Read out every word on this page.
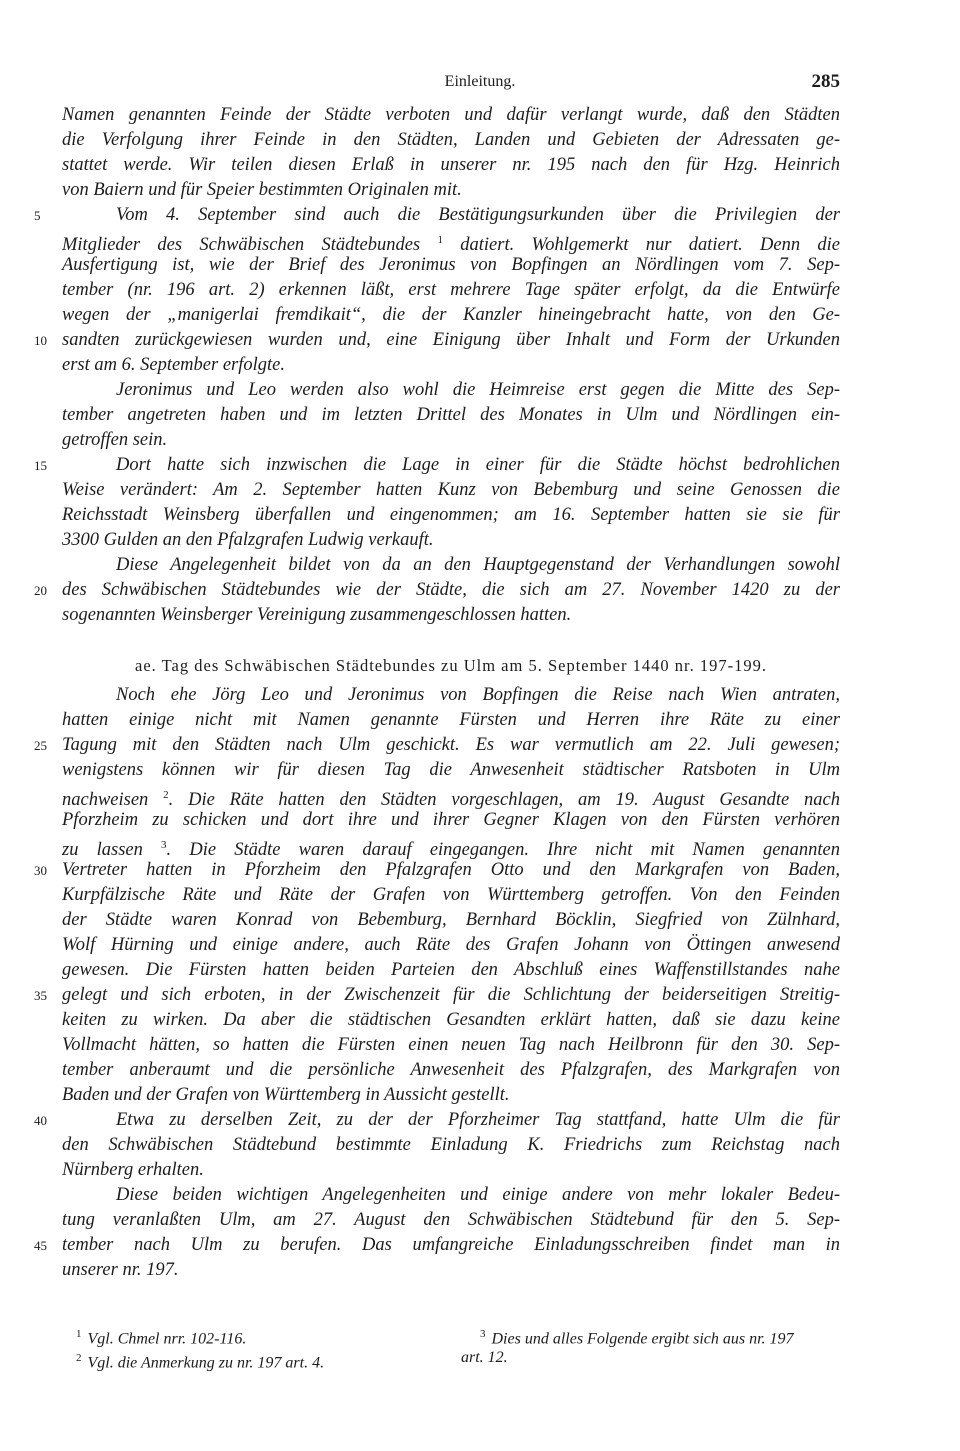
Einleitung.	285
Namen genannten Feinde der Städte verboten und dafür verlangt wurde, daß den Städten
die Verfolgung ihrer Feinde in den Städten, Landen und Gebieten der Adressaten ge-
stattet werde. Wir teilen diesen Erlaß in unserer nr. 195 nach den für Hzg. Heinrich
von Baiern und für Speier bestimmten Originalen mit.
5	Vom 4. September sind auch die Bestätigungsurkunden über die Privilegien der
Mitglieder des Schwäbischen Städtebundes $^1$ datiert. Wohlgemerkt nur datiert. Denn die
Ausfertigung ist, wie der Brief des Jeronimus von Bopfingen an Nördlingen vom 7. Sep-
tember (nr. 196 art. 2) erkennen läßt, erst mehrere Tage später erfolgt, da die Entwürfe
wegen der „manigerlai fremdikait“, die der Kanzler hineingebracht hatte, von den Ge-
10 sandten zurückgewiesen wurden und, eine Einigung über Inhalt und Form der Urkunden
erst am 6. September erfolgte.
Jeronimus und Leo werden also wohl die Heimreise erst gegen die Mitte des Sep-
tember angetreten haben und im letzten Drittel des Monates in Ulm und Nördlingen ein-
getroffen sein.
15	Dort hatte sich inzwischen die Lage in einer für die Städte höchst bedrohlichen
Weise verändert: Am 2. September hatten Kunz von Bebemburg und seine Genossen die
Reichsstadt Weinsberg überfallen und eingenommen; am 16. September hatten sie sie für
3300 Gulden an den Pfalzgrafen Ludwig verkauft.
Diese Angelegenheit bildet von da an den Hauptgegenstand der Verhandlungen sowohl
20 des Schwäbischen Städtebundes wie der Städte, die sich am 27. November 1420 zu der
sogenannten Weinsberger Vereinigung zusammengeschlossen hatten.
ae. Tag des Schwäbischen Städtebundes zu Ulm am 5. September 1440 nr. 197-199.
Noch ehe Jörg Leo und Jeronimus von Bopfingen die Reise nach Wien antraten,
hatten einige nicht mit Namen genannte Fürsten und Herren ihre Räte zu einer
25 Tagung mit den Städten nach Ulm geschickt. Es war vermutlich am 22. Juli gewesen;
wenigstens können wir für diesen Tag die Anwesenheit städtischer Ratsboten in Ulm
nachweisen $^2$. Die Räte hatten den Städten vorgeschlagen, am 19. August Gesandte nach
Pforzheim zu schicken und dort ihre und ihrer Gegner Klagen von den Fürsten verhören
zu lassen $^3$. Die Städte waren darauf eingegangen. Ihre nicht mit Namen genannten
30 Vertreter hatten in Pforzheim den Pfalzgrafen Otto und den Markgrafen von Baden,
Kurpfälzische Räte und Räte der Grafen von Württemberg getroffen. Von den Feinden
der Städte waren Konrad von Bebemburg, Bernhard Böcklin, Siegfried von Zülnhard,
Wolf Hürning und einige andere, auch Räte des Grafen Johann von Öttingen anwesend
gewesen. Die Fürsten hatten beiden Parteien den Abschluß eines Waffenstillstandes nahe
35 gelegt und sich erboten, in der Zwischenzeit für die Schlichtung der beiderseitigen Streitig-
keiten zu wirken. Da aber die städtischen Gesandten erklärt hatten, daß sie dazu keine
Vollmacht hätten, so hatten die Fürsten einen neuen Tag nach Heilbronn für den 30. Sep-
tember anberaumt und die persönliche Anwesenheit des Pfalzgrafen, des Markgrafen von
Baden und der Grafen von Württemberg in Aussicht gestellt.
40	Etwa zu derselben Zeit, zu der der Pforzheimer Tag stattfand, hatte Ulm die für
den Schwäbischen Städtebund bestimmte Einladung K. Friedrichs zum Reichstag nach
Nürnberg erhalten.
Diese beiden wichtigen Angelegenheiten und einige andere von mehr lokaler Bedeu-
tung veranlaßten Ulm, am 27. August den Schwäbischen Städtebund für den 5. Sep-
45 tember nach Ulm zu berufen. Das umfangreiche Einladungsschreiben findet man in
unserer nr. 197.
$^1$ Vgl. Chmel nrr. 102-116.
$^2$ Vgl. die Anmerkung zu nr. 197 art. 4.
$^3$ Dies und alles Folgende ergibt sich aus nr. 197
art. 12.
